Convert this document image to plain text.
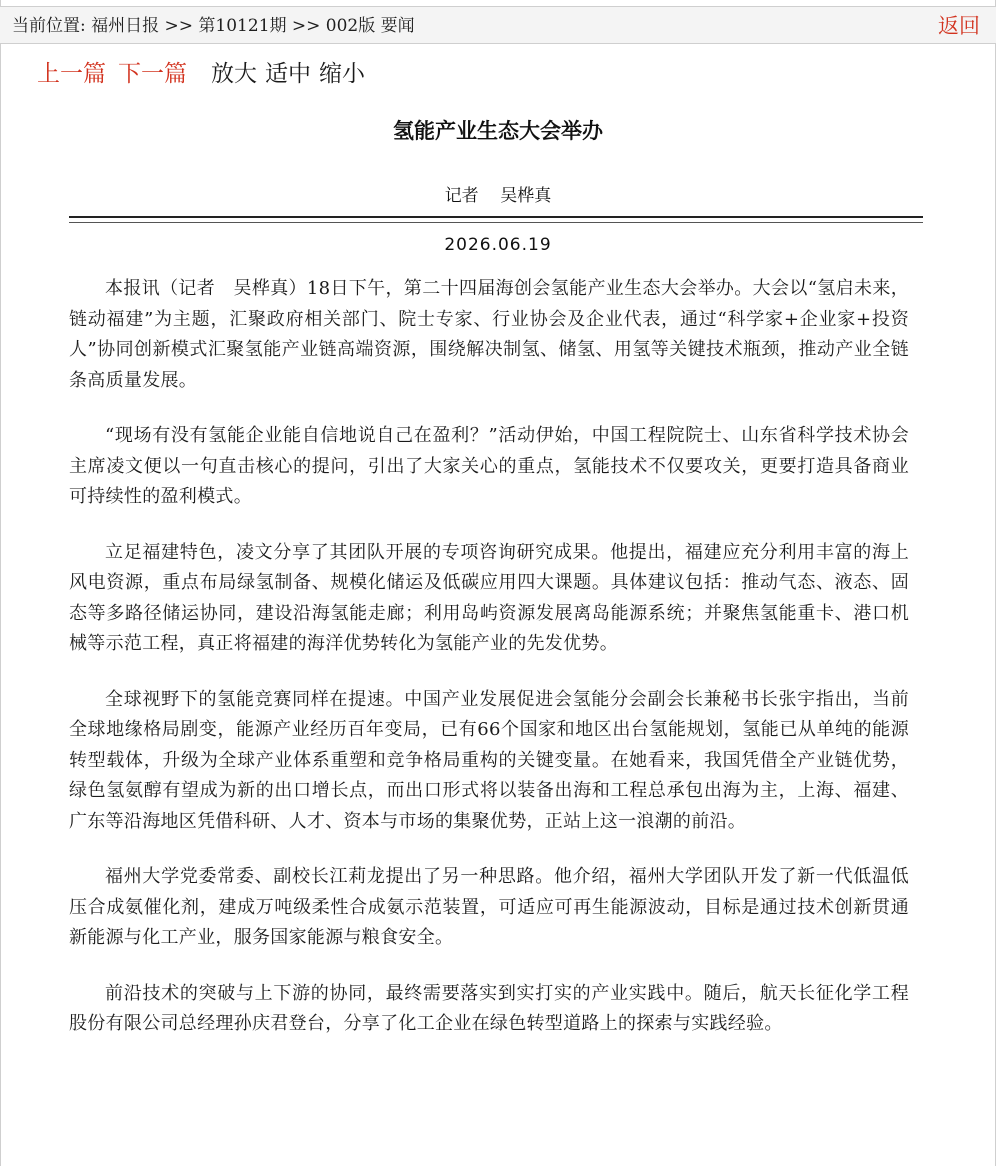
当前位置: 福州日报 >> 第10121期 >> 002版 要闻	返回
上一篇 下一篇 放大 适中 缩小
氢能产业生态大会举办
记者    吴桦真
2026.06.19

本报讯（记者　吴桦真）18日下午，第二十四届海创会氢能产业生态大会举办。大会以“氢启未来，链动福建”为主题，汇聚政府相关部门、院士专家、行业协会及企业代表，通过“科学家+企业家+投资人”协同创新模式汇聚氢能产业链高端资源，围绕解决制氢、储氢、用氢等关键技术瓶颈，推动产业全链条高质量发展。

“现场有没有氢能企业能自信地说自己在盈利？”活动伊始，中国工程院院士、山东省科学技术协会主席凌文便以一句直击核心的提问，引出了大家关心的重点，氢能技术不仅要攻关，更要打造具备商业可持续性的盈利模式。

立足福建特色，凌文分享了其团队开展的专项咨询研究成果。他提出，福建应充分利用丰富的海上风电资源，重点布局绿氢制备、规模化储运及低碳应用四大课题。具体建议包括：推动气态、液态、固态等多路径储运协同，建设沿海氢能走廊；利用岛屿资源发展离岛能源系统；并聚焦氢能重卡、港口机械等示范工程，真正将福建的海洋优势转化为氢能产业的先发优势。

全球视野下的氢能竞赛同样在提速。中国产业发展促进会氢能分会副会长兼秘书长张宇指出，当前全球地缘格局剧变，能源产业经历百年变局，已有66个国家和地区出台氢能规划，氢能已从单纯的能源转型载体，升级为全球产业体系重塑和竞争格局重构的关键变量。在她看来，我国凭借全产业链优势，绿色氢氨醇有望成为新的出口增长点，而出口形式将以装备出海和工程总承包出海为主，上海、福建、广东等沿海地区凭借科研、人才、资本与市场的集聚优势，正站上这一浪潮的前沿。

福州大学党委常委、副校长江莉龙提出了另一种思路。他介绍，福州大学团队开发了新一代低温低压合成氨催化剂，建成万吨级柔性合成氨示范装置，可适应可再生能源波动，目标是通过技术创新贯通新能源与化工产业，服务国家能源与粮食安全。

前沿技术的突破与上下游的协同，最终需要落实到实打实的产业实践中。随后，航天长征化学工程股份有限公司总经理孙庆君登台，分享了化工企业在绿色转型道路上的探索与实践经验。
